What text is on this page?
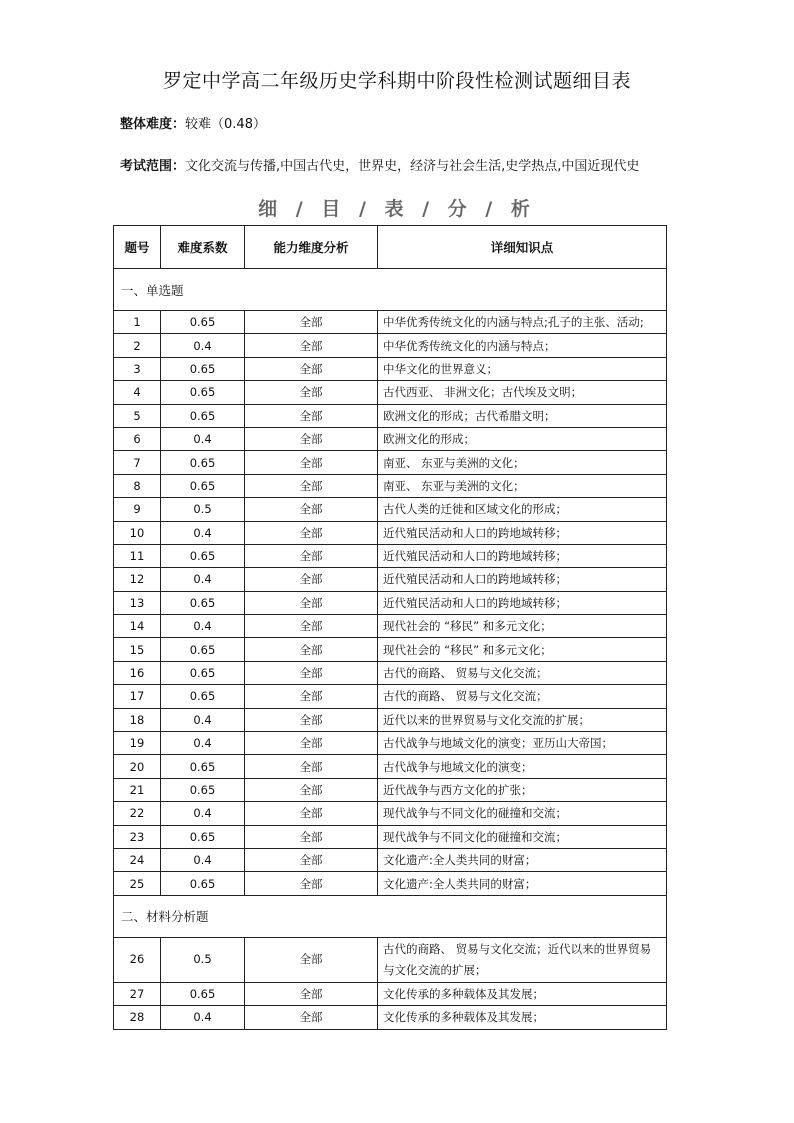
罗定中学高二年级历史学科期中阶段性检测试题细目表
整体难度：较难（0.48）
考试范围：文化交流与传播,中国古代史，世界史，经济与社会生活,史学热点,中国近现代史
细 / 目 / 表 / 分 / 析
题号	难度系数	能力维度分析	详细知识点
一、单选题			
1	0.65	全部	中华优秀传统文化的内涵与特点;孔子的主张、活动;
2	0.4	全部	中华优秀传统文化的内涵与特点；
3	0.65	全部	中华文化的世界意义；
4	0.65	全部	古代西亚、 非洲文化；古代埃及文明；
5	0.65	全部	欧洲文化的形成；古代希腊文明；
6	0.4	全部	欧洲文化的形成；
7	0.65	全部	南亚、 东亚与美洲的文化；
8	0.65	全部	南亚、 东亚与美洲的文化；
9	0.5	全部	古代人类的迁徙和区域文化的形成；
10	0.4	全部	近代殖民活动和人口的跨地域转移；
11	0.65	全部	近代殖民活动和人口的跨地域转移；
12	0.4	全部	近代殖民活动和人口的跨地域转移；
13	0.65	全部	近代殖民活动和人口的跨地域转移；
14	0.4	全部	现代社会的 “移民” 和多元文化；
15	0.65	全部	现代社会的 “移民” 和多元文化；
16	0.65	全部	古代的商路、 贸易与文化交流；
17	0.65	全部	古代的商路、 贸易与文化交流；
18	0.4	全部	近代以来的世界贸易与文化交流的扩展；
19	0.4	全部	古代战争与地域文化的演变；亚历山大帝国；
20	0.65	全部	古代战争与地域文化的演变；
21	0.65	全部	近代战争与西方文化的扩张；
22	0.4	全部	现代战争与不同文化的碰撞和交流；
23	0.65	全部	现代战争与不同文化的碰撞和交流；
24	0.4	全部	文化遗产:全人类共同的财富；
25	0.65	全部	文化遗产:全人类共同的财富；
二、材料分析题			
26	0.5	全部	古代的商路、 贸易与文化交流；近代以来的世界贸易与文化交流的扩展；
27	0.65	全部	文化传承的多种载体及其发展；
28	0.4	全部	文化传承的多种载体及其发展；
